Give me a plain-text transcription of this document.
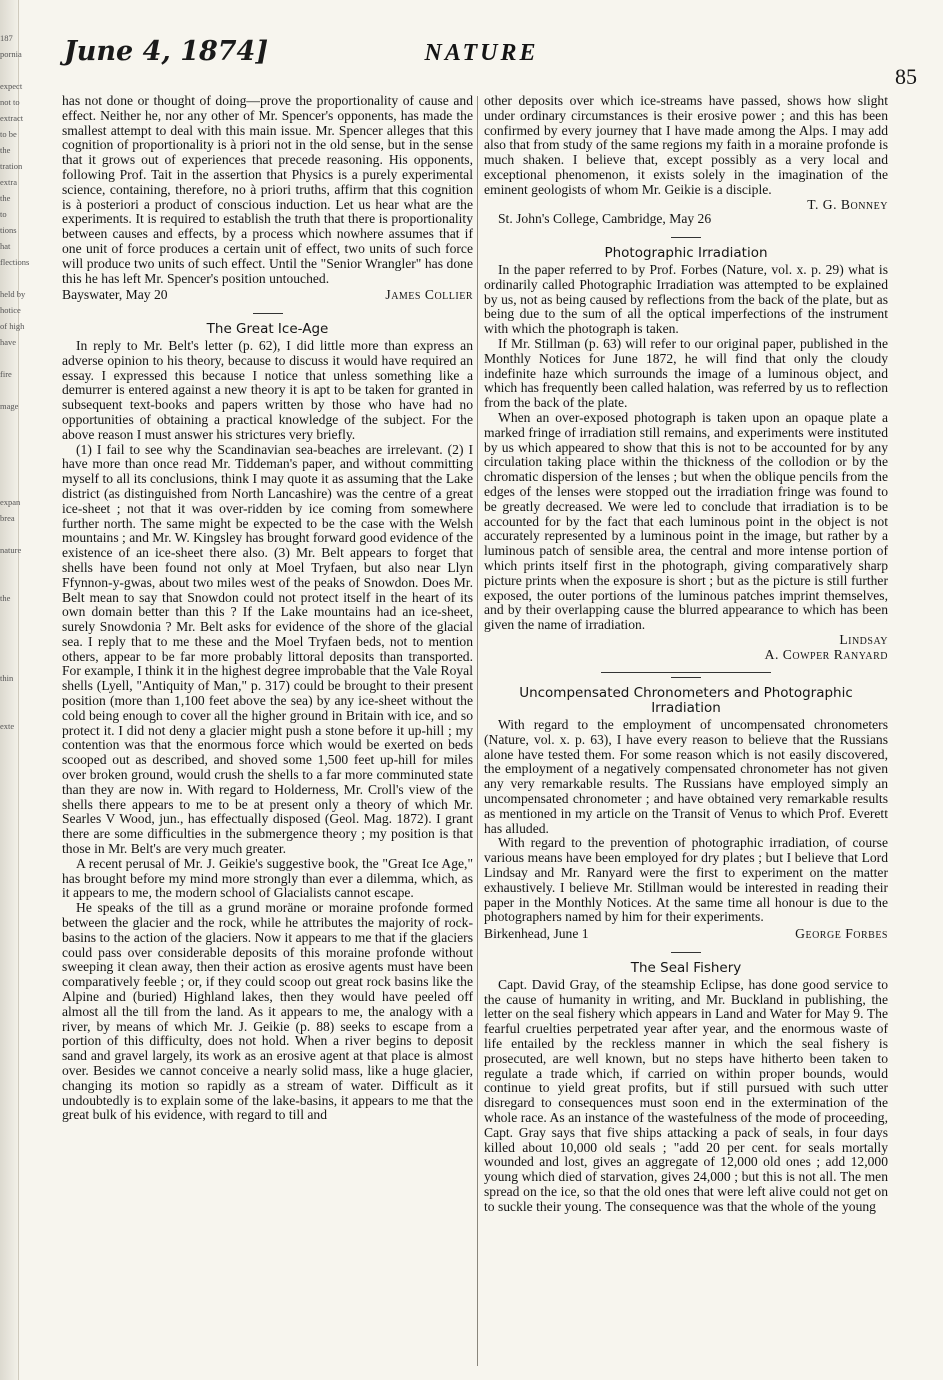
187
pornia

expect
not to
extract
to be
the
tration
extra
the
to
tions
hat
flections

held by
hotice
of high
have

fire

mage

expan
brea

nature

the

thin

exte

June 4, 1874]	NATURE
85

has not done or thought of doing—prove the proportionality of cause and effect. Neither he, nor any other of Mr. Spencer's opponents, has made the smallest attempt to deal with this main issue. Mr. Spencer alleges that this cognition of proportionality is à priori not in the old sense, but in the sense that it grows out of experiences that precede reasoning. His opponents, following Prof. Tait in the assertion that Physics is a purely experimental science, containing, therefore, no à priori truths, affirm that this cognition is à posteriori a product of conscious induction. Let us hear what are the experiments. It is required to establish the truth that there is proportionality between causes and effects, by a process which nowhere assumes that if one unit of force produces a certain unit of effect, two units of such force will produce two units of such effect. Until the "Senior Wrangler" has done this he has left Mr. Spencer's position untouched.

Bayswater, May 20	James Collier
The Great Ice-Age

In reply to Mr. Belt's letter (p. 62), I did little more than express an adverse opinion to his theory, because to discuss it would have required an essay. I expressed this because I notice that unless something like a demurrer is entered against a new theory it is apt to be taken for granted in subsequent text-books and papers written by those who have had no opportunities of obtaining a practical knowledge of the subject. For the above reason I must answer his strictures very briefly.

(1) I fail to see why the Scandinavian sea-beaches are irrelevant. (2) I have more than once read Mr. Tiddeman's paper, and without committing myself to all its conclusions, think I may quote it as assuming that the Lake district (as distinguished from North Lancashire) was the centre of a great ice-sheet ; not that it was over-ridden by ice coming from somewhere further north. The same might be expected to be the case with the Welsh mountains ; and Mr. W. Kingsley has brought forward good evidence of the existence of an ice-sheet there also. (3) Mr. Belt appears to forget that shells have been found not only at Moel Tryfaen, but also near Llyn Ffynnon-y-gwas, about two miles west of the peaks of Snowdon. Does Mr. Belt mean to say that Snowdon could not protect itself in the heart of its own domain better than this ? If the Lake mountains had an ice-sheet, surely Snowdonia ? Mr. Belt asks for evidence of the shore of the glacial sea. I reply that to me these and the Moel Tryfaen beds, not to mention others, appear to be far more probably littoral deposits than transported. For example, I think it in the highest degree improbable that the Vale Royal shells (Lyell, "Antiquity of Man," p. 317) could be brought to their present position (more than 1,100 feet above the sea) by any ice-sheet without the cold being enough to cover all the higher ground in Britain with ice, and so protect it. I did not deny a glacier might push a stone before it up-hill ; my contention was that the enormous force which would be exerted on beds scooped out as described, and shoved some 1,500 feet up-hill for miles over broken ground, would crush the shells to a far more comminuted state than they are now in. With regard to Holderness, Mr. Croll's view of the shells there appears to me to be at present only a theory of which Mr. Searles V Wood, jun., has effectually disposed (Geol. Mag. 1872). I grant there are some difficulties in the submergence theory ; my position is that those in Mr. Belt's are very much greater.

A recent perusal of Mr. J. Geikie's suggestive book, the "Great Ice Age," has brought before my mind more strongly than ever a dilemma, which, as it appears to me, the modern school of Glacialists cannot escape.

He speaks of the till as a grund moräne or moraine profonde formed between the glacier and the rock, while he attributes the majority of rock-basins to the action of the glaciers. Now it appears to me that if the glaciers could pass over considerable deposits of this moraine profonde without sweeping it clean away, then their action as erosive agents must have been comparatively feeble ; or, if they could scoop out great rock basins like the Alpine and (buried) Highland lakes, then they would have peeled off almost all the till from the land. As it appears to me, the analogy with a river, by means of which Mr. J. Geikie (p. 88) seeks to escape from a portion of this difficulty, does not hold. When a river begins to deposit sand and gravel largely, its work as an erosive agent at that place is almost over. Besides we cannot conceive a nearly solid mass, like a huge glacier, changing its motion so rapidly as a stream of water. Difficult as it undoubtedly is to explain some of the lake-basins, it appears to me that the great bulk of his evidence, with regard to till and

other deposits over which ice-streams have passed, shows how slight under ordinary circumstances is their erosive power ; and this has been confirmed by every journey that I have made among the Alps. I may add also that from study of the same regions my faith in a moraine profonde is much shaken. I believe that, except possibly as a very local and exceptional phenomenon, it exists solely in the imagination of the eminent geologists of whom Mr. Geikie is a disciple.

T. G. Bonney

St. John's College, Cambridge, May 26

Photographic Irradiation

In the paper referred to by Prof. Forbes (Nature, vol. x. p. 29) what is ordinarily called Photographic Irradiation was attempted to be explained by us, not as being caused by reflections from the back of the plate, but as being due to the sum of all the optical imperfections of the instrument with which the photograph is taken.

If Mr. Stillman (p. 63) will refer to our original paper, published in the Monthly Notices for June 1872, he will find that only the cloudy indefinite haze which surrounds the image of a luminous object, and which has frequently been called halation, was referred by us to reflection from the back of the plate.

When an over-exposed photograph is taken upon an opaque plate a marked fringe of irradiation still remains, and experiments were instituted by us which appeared to show that this is not to be accounted for by any circulation taking place within the thickness of the collodion or by the chromatic dispersion of the lenses ; but when the oblique pencils from the edges of the lenses were stopped out the irradiation fringe was found to be greatly decreased. We were led to conclude that irradiation is to be accounted for by the fact that each luminous point in the object is not accurately represented by a luminous point in the image, but rather by a luminous patch of sensible area, the central and more intense portion of which prints itself first in the photograph, giving comparatively sharp picture prints when the exposure is short ; but as the picture is still further exposed, the outer portions of the luminous patches imprint themselves, and by their overlapping cause the blurred appearance to which has been given the name of irradiation.

Lindsay
A. Cowper Ranyard
Uncompensated Chronometers and Photographic Irradiation

With regard to the employment of uncompensated chronometers (Nature, vol. x. p. 63), I have every reason to believe that the Russians alone have tested them. For some reason which is not easily discovered, the employment of a negatively compensated chronometer has not given any very remarkable results. The Russians have employed simply an uncompensated chronometer ; and have obtained very remarkable results as mentioned in my article on the Transit of Venus to which Prof. Everett has alluded.

With regard to the prevention of photographic irradiation, of course various means have been employed for dry plates ; but I believe that Lord Lindsay and Mr. Ranyard were the first to experiment on the matter exhaustively. I believe Mr. Stillman would be interested in reading their paper in the Monthly Notices. At the same time all honour is due to the photographers named by him for their experiments.

Birkenhead, June 1	George Forbes
The Seal Fishery

Capt. David Gray, of the steamship Eclipse, has done good service to the cause of humanity in writing, and Mr. Buckland in publishing, the letter on the seal fishery which appears in Land and Water for May 9. The fearful cruelties perpetrated year after year, and the enormous waste of life entailed by the reckless manner in which the seal fishery is prosecuted, are well known, but no steps have hitherto been taken to regulate a trade which, if carried on within proper bounds, would continue to yield great profits, but if still pursued with such utter disregard to consequences must soon end in the extermination of the whole race. As an instance of the wastefulness of the mode of proceeding, Capt. Gray says that five ships attacking a pack of seals, in four days killed about 10,000 old seals ; "add 20 per cent. for seals mortally wounded and lost, gives an aggregate of 12,000 old ones ; add 12,000 young which died of starvation, gives 24,000 ; but this is not all. The men spread on the ice, so that the old ones that were left alive could not get on to suckle their young. The consequence was that the whole of the young
